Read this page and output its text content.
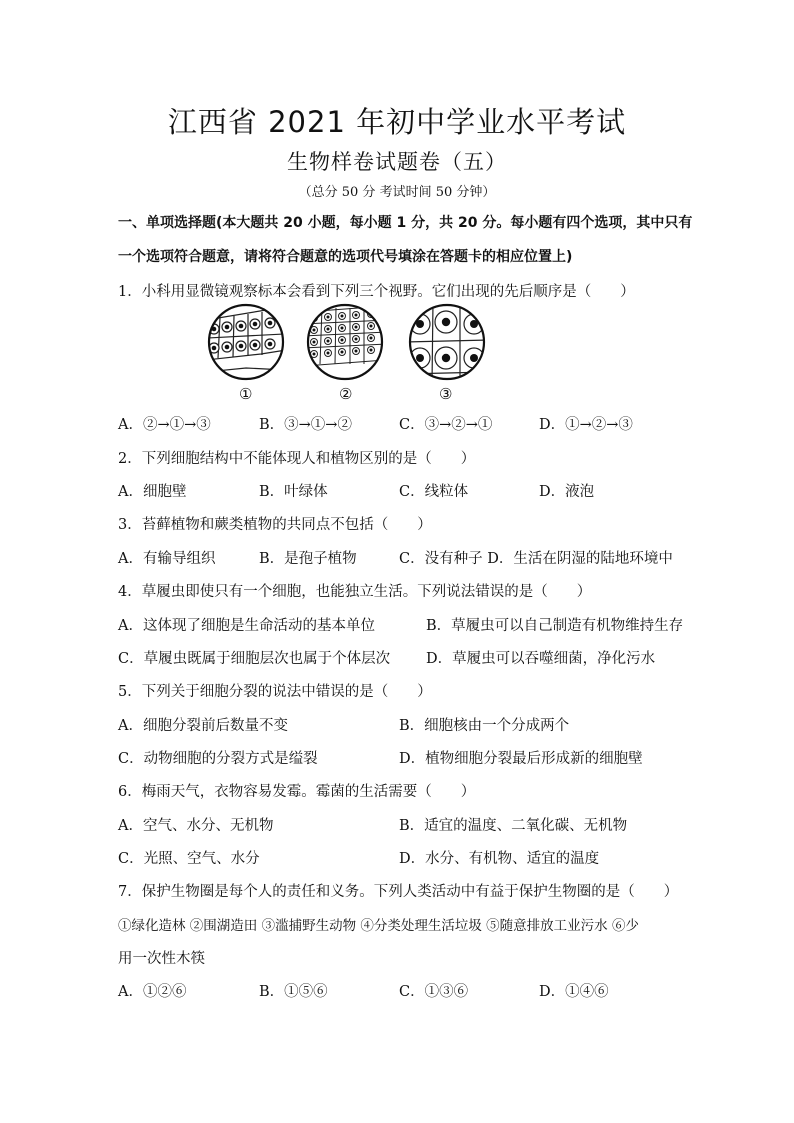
江西省 2021 年初中学业水平考试
生物样卷试题卷（五）
（总分 50 分 考试时间 50 分钟）
一、单项选择题(本大题共 20 小题，每小题 1 分，共 20 分。每小题有四个选项，其中只有
一个选项符合题意，请将符合题意的选项代号填涂在答题卡的相应位置上)
1．小科用显微镜观察标本会看到下列三个视野。它们出现的先后顺序是（　　）
①	②	③
A．②→①→③	B．③→①→②	C．③→②→①	D．①→②→③
2．下列细胞结构中不能体现人和植物区别的是（　　）
A．细胞壁	B．叶绿体	C．线粒体	D．液泡
3．苔藓植物和蕨类植物的共同点不包括（　　）
A．有输导组织	B．是孢子植物	C．没有种子 D．生活在阴湿的陆地环境中
4．草履虫即使只有一个细胞，也能独立生活。下列说法错误的是（　　）
A．这体现了细胞是生命活动的基本单位	B．草履虫可以自己制造有机物维持生存
C．草履虫既属于细胞层次也属于个体层次 D．草履虫可以吞噬细菌，净化污水
5．下列关于细胞分裂的说法中错误的是（　　）
A．细胞分裂前后数量不变	B．细胞核由一个分成两个
C．动物细胞的分裂方式是缢裂	D．植物细胞分裂最后形成新的细胞壁
6．梅雨天气，衣物容易发霉。霉菌的生活需要（　　）
A．空气、水分、无机物	B．适宜的温度、二氧化碳、无机物
C．光照、空气、水分	D．水分、有机物、适宜的温度
7．保护生物圈是每个人的责任和义务。下列人类活动中有益于保护生物圈的是（　　）
①绿化造林 ②围湖造田 ③滥捕野生动物 ④分类处理生活垃圾 ⑤随意排放工业污水 ⑥少
用一次性木筷
A．①②⑥	B．①⑤⑥	C．①③⑥	D．①④⑥
